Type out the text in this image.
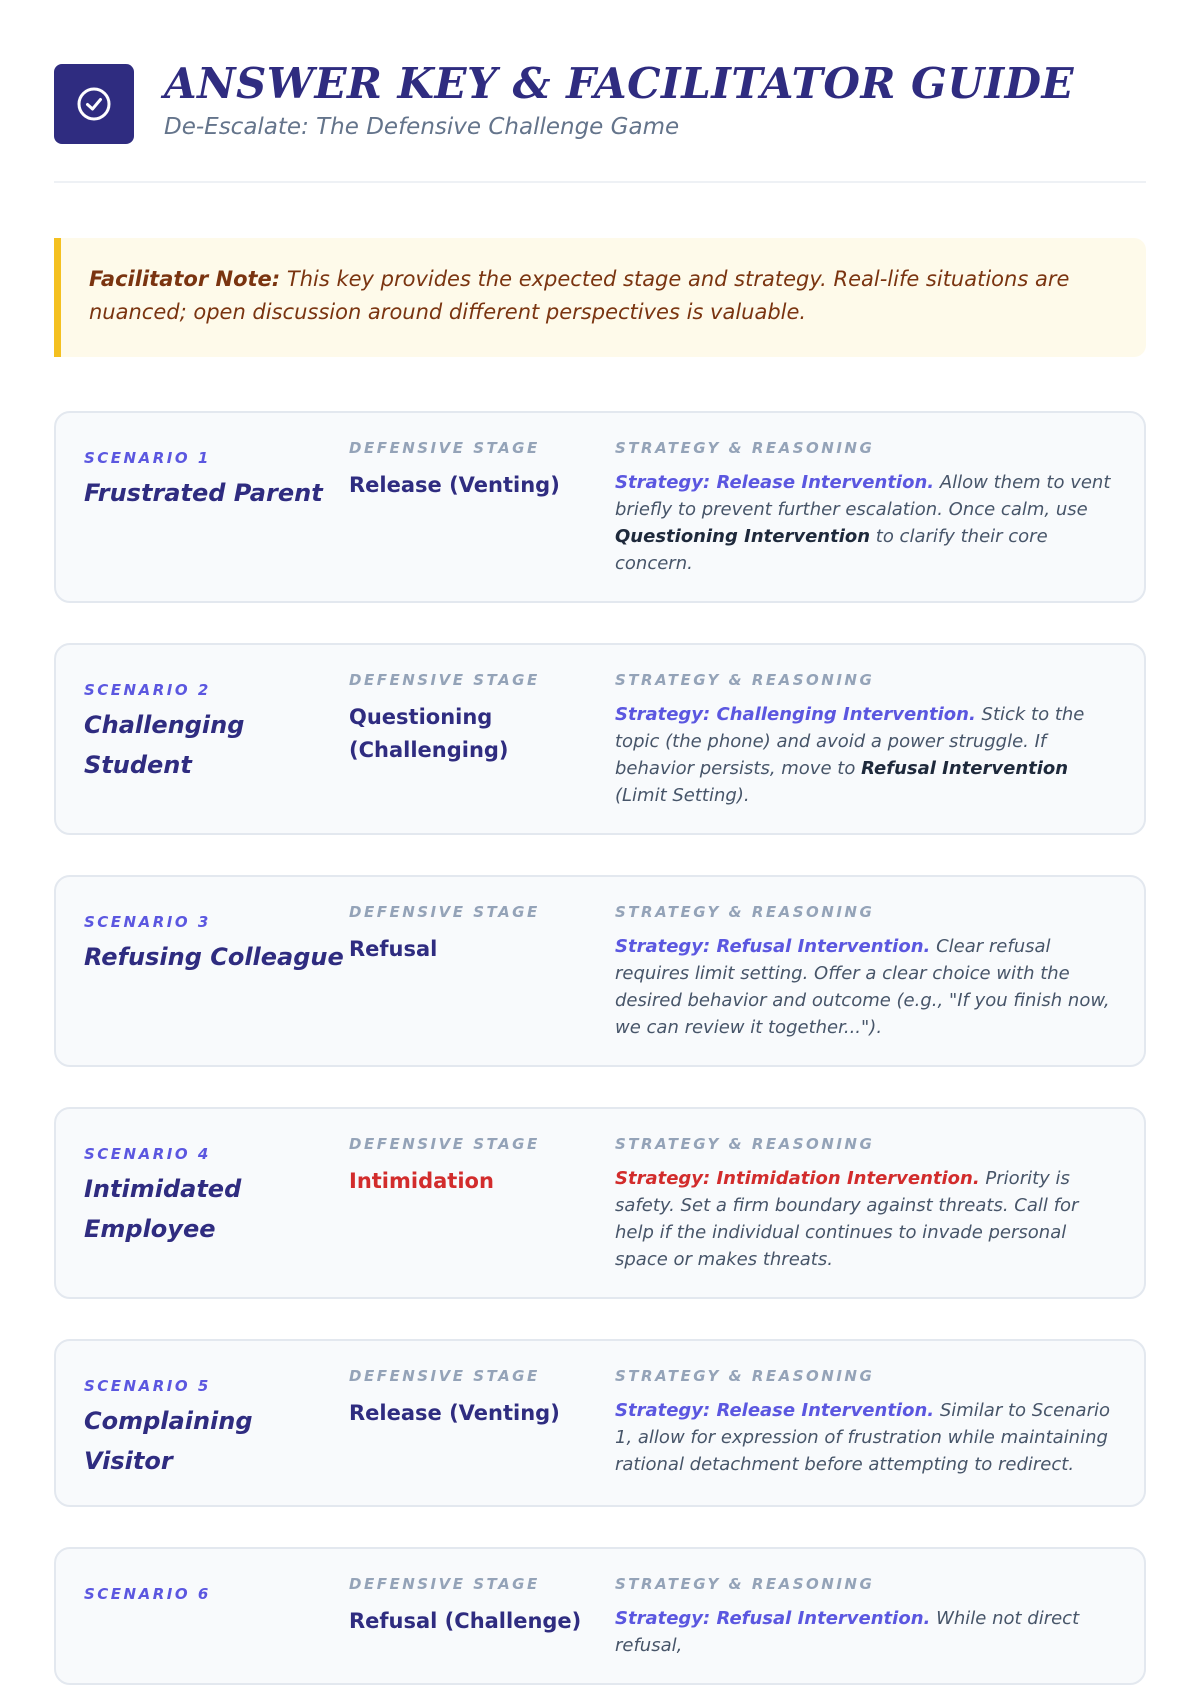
ANSWER KEY & FACILITATOR GUIDE
De-Escalate: The Defensive Challenge Game
Facilitator Note: This key provides the expected stage and strategy. Real-life situations are nuanced; open discussion around different perspectives is valuable.
SCENARIO 1
Frustrated Parent
DEFENSIVE STAGE
Release (Venting)
STRATEGY & REASONING
Strategy: Release Intervention. Allow them to vent briefly to prevent further escalation. Once calm, use Questioning Intervention to clarify their core concern.
SCENARIO 2
Challenging Student
DEFENSIVE STAGE
Questioning (Challenging)
STRATEGY & REASONING
Strategy: Challenging Intervention. Stick to the topic (the phone) and avoid a power struggle. If behavior persists, move to Refusal Intervention (Limit Setting).
SCENARIO 3
Refusing Colleague
DEFENSIVE STAGE
Refusal
STRATEGY & REASONING
Strategy: Refusal Intervention. Clear refusal requires limit setting. Offer a clear choice with the desired behavior and outcome (e.g., "If you finish now, we can review it together...").
SCENARIO 4
Intimidated Employee
DEFENSIVE STAGE
Intimidation
STRATEGY & REASONING
Strategy: Intimidation Intervention. Priority is safety. Set a firm boundary against threats. Call for help if the individual continues to invade personal space or makes threats.
SCENARIO 5
Complaining Visitor
DEFENSIVE STAGE
Release (Venting)
STRATEGY & REASONING
Strategy: Release Intervention. Similar to Scenario 1, allow for expression of frustration while maintaining rational detachment before attempting to redirect.
SCENARIO 6
DEFENSIVE STAGE
Refusal (Challenge)
STRATEGY & REASONING
Strategy: Refusal Intervention. While not direct refusal,
